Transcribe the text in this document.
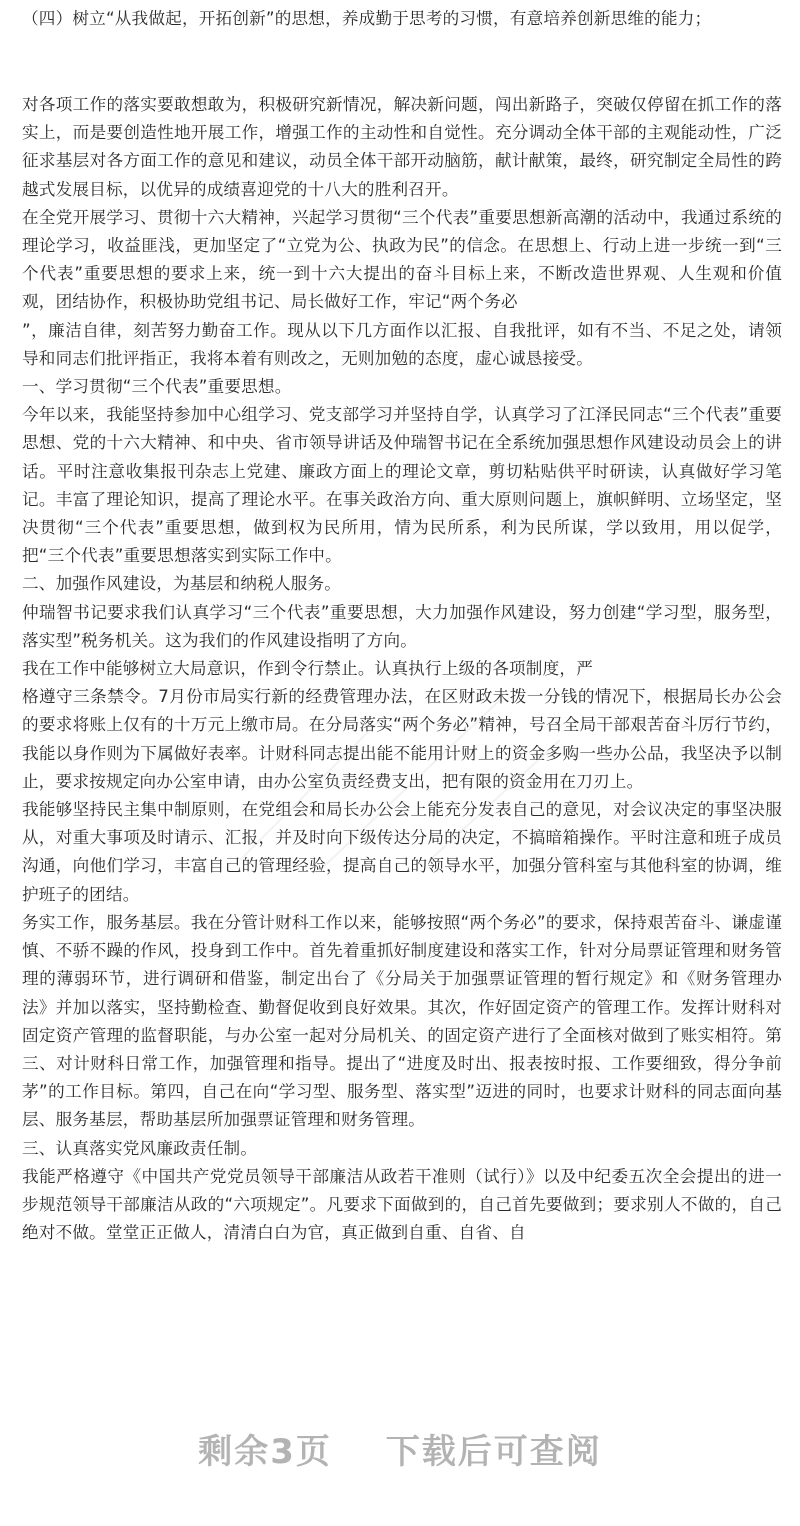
（四）树立“从我做起，开拓创新”的思想，养成勤于思考的习惯，有意培养创新思维的能力；

对各项工作的落实要敢想敢为，积极研究新情况，解决新问题，闯出新路子，突破仅停留在抓工作的落实上，而是要创造性地开展工作，增强工作的主动性和自觉性。充分调动全体干部的主观能动性，广泛征求基层对各方面工作的意见和建议，动员全体干部开动脑筋，献计献策，最终，研究制定全局性的跨越式发展目标，以优异的成绩喜迎党的十八大的胜利召开。

在全党开展学习、贯彻十六大精神，兴起学习贯彻“三个代表”重要思想新高潮的活动中，我通过系统的理论学习，收益匪浅，更加坚定了“立党为公、执政为民”的信念。在思想上、行动上进一步统一到“三个代表”重要思想的要求上来，统一到十六大提出的奋斗目标上来，不断改造世界观、人生观和价值观，团结协作，积极协助党组书记、局长做好工作，牢记“两个务必

”，廉洁自律，刻苦努力勤奋工作。现从以下几方面作以汇报、自我批评，如有不当、不足之处，请领导和同志们批评指正，我将本着有则改之，无则加勉的态度，虚心诚恳接受。

一、学习贯彻“三个代表”重要思想。

今年以来，我能坚持参加中心组学习、党支部学习并坚持自学，认真学习了江泽民同志“三个代表”重要思想、党的十六大精神、和中央、省市领导讲话及仲瑞智书记在全系统加强思想作风建设动员会上的讲话。平时注意收集报刊杂志上党建、廉政方面上的理论文章，剪切粘贴供平时研读，认真做好学习笔记。丰富了理论知识，提高了理论水平。在事关政治方向、重大原则问题上，旗帜鲜明、立场坚定，坚决贯彻“三个代表”重要思想，做到权为民所用，情为民所系，利为民所谋，学以致用，用以促学，把“三个代表”重要思想落实到实际工作中。

二、加强作风建设，为基层和纳税人服务。

仲瑞智书记要求我们认真学习“三个代表”重要思想，大力加强作风建设，努力创建“学习型，服务型，落实型”税务机关。这为我们的作风建设指明了方向。

我在工作中能够树立大局意识，作到令行禁止。认真执行上级的各项制度，严

格遵守三条禁令。7月份市局实行新的经费管理办法，在区财政未拨一分钱的情况下，根据局长办公会的要求将账上仅有的十万元上缴市局。在分局落实“两个务必”精神，号召全局干部艰苦奋斗厉行节约，我能以身作则为下属做好表率。计财科同志提出能不能用计财上的资金多购一些办公品，我坚决予以制止，要求按规定向办公室申请，由办公室负责经费支出，把有限的资金用在刀刃上。

我能够坚持民主集中制原则，在党组会和局长办公会上能充分发表自己的意见，对会议决定的事坚决服从，对重大事项及时请示、汇报，并及时向下级传达分局的决定，不搞暗箱操作。平时注意和班子成员沟通，向他们学习，丰富自己的管理经验，提高自己的领导水平，加强分管科室与其他科室的协调，维护班子的团结。

务实工作，服务基层。我在分管计财科工作以来，能够按照“两个务必”的要求，保持艰苦奋斗、谦虚谨慎、不骄不躁的作风，投身到工作中。首先着重抓好制度建设和落实工作，针对分局票证管理和财务管理的薄弱环节，进行调研和借鉴，制定出台了《分局关于加强票证管理的暂行规定》和《财务管理办法》并加以落实，坚持勤检查、勤督促收到良好效果。其次，作好固定资产的管理工作。发挥计财科对固定资产管理的监督职能，与办公室一起对分局机关、的固定资产进行了全面核对做到了账实相符。第三、对计财科日常工作，加强管理和指导。提出了“进度及时出、报表按时报、工作要细致，得分争前茅”的工作目标。第四，自己在向“学习型、服务型、落实型”迈进的同时，也要求计财科的同志面向基层、服务基层，帮助基层所加强票证管理和财务管理。

三、认真落实党风廉政责任制。

我能严格遵守《中国共产党党员领导干部廉洁从政若干准则（试行）》以及中纪委五次全会提出的进一步规范领导干部廉洁从政的“六项规定”。凡要求下面做到的，自己首先要做到；要求别人不做的，自己绝对不做。堂堂正正做人，清清白白为官，真正做到自重、自省、自

剩余3页 下载后可查阅
